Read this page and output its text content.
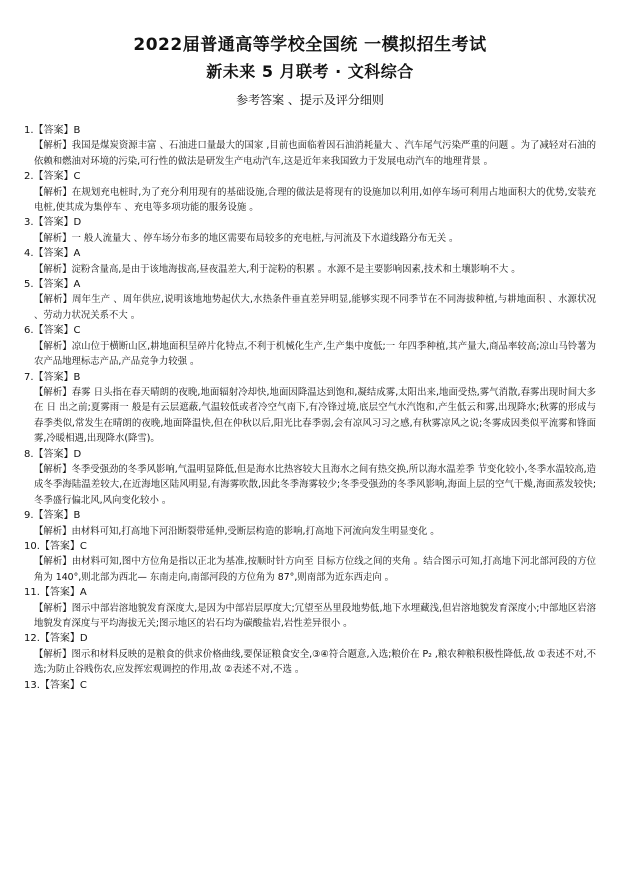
2022届普通高等学校全国统 一模拟招生考试
新未来 5 月联考 · 文科综合
参考答案 、提示及评分细则

1.【答案】B

【解析】我国是煤炭资源丰富 、石油进口量最大的国家 ,目前也面临着因石油消耗量大 、汽车尾气污染严重的问题 。为了减轻对石油的依赖和燃油对环境的污染,可行性的做法是研发生产电动汽车,这是近年来我国致力于发展电动汽车的地理背景 。

2.【答案】C

【解析】在规划充电桩时,为了充分利用现有的基础设施,合理的做法是将现有的设施加以利用,如停车场可利用占地面积大的优势,安装充电桩,使其成为集停车 、充电等多项功能的服务设施 。

3.【答案】D

【解析】一 般人流量大 、停车场分布多的地区需要布局较多的充电桩,与河流及下水道线路分布无关 。

4.【答案】A

【解析】淀粉含量高,是由于该地海拔高,昼夜温差大,利于淀粉的积累 。水源不是主要影响因素,技术和土壤影响不大 。

5.【答案】A

【解析】周年生产 、周年供应,说明该地地势起伏大,水热条件垂直差异明显,能够实现不同季节在不同海拔种植,与耕地面积 、水源状况 、劳动力状况关系不大 。

6.【答案】C

【解析】凉山位于横断山区,耕地面积呈碎片化特点,不利于机械化生产,生产集中度低;一 年四季种植,其产量大,商品率较高;凉山马铃薯为农产品地理标志产品,产品竞争力较强 。

7.【答案】B

【解析】春雾 日头指在春天晴朗的夜晚,地面辐射冷却快,地面因降温达到饱和,凝结成雾,太阳出来,地面受热,雾气消散,春雾出现时间大多在 日 出之前;夏雾雨一 般是有云层遮蔽,气温较低或者冷空气南下,有冷锋过境,底层空气水汽饱和,产生低云和雾,出现降水;秋雾的形成与春季类似,常发生在晴朗的夜晚,地面降温快,但在仲秋以后,阳光比春季弱,会有凉风习习之感,有秋雾凉风之说;冬雾成因类似平流雾和锋面雾,冷暖相遇,出现降水(降雪)。

8.【答案】D

【解析】冬季受强劲的冬季风影响,气温明显降低,但是海水比热容较大且海水之间有热交换,所以海水温差季 节变化较小,冬季水温较高,造成冬季海陆温差较大,在近海地区陆风明显,有海雾吹散,因此冬季海雾较少;冬季受强劲的冬季风影响,海面上层的空气干燥,海面蒸发较快;冬季盛行偏北风,风向变化较小 。

9.【答案】B

【解析】由材料可知,打高地下河沿断裂带延伸,受断层构造的影响,打高地下河流向发生明显变化 。

10.【答案】C

【解析】由材料可知,图中方位角是指以正北为基准,按顺时针方向至 目标方位线之间的夹角 。结合图示可知,打高地下河北部河段的方位角为 140°,则北部为西北— 东南走向,南部河段的方位角为 87°,则南部为近东西走向 。

11.【答案】A

【解析】图示中部岩溶地貌发育深度大,是因为中部岩层厚度大;冗望至丛里段地势低,地下水埋藏浅,但岩溶地貌发育深度小;中部地区岩溶地貌发育深度与平均海拔无关;图示地区的岩石均为碳酸盐岩,岩性差异很小 。

12.【答案】D

【解析】图示和材料反映的是粮食的供求价格曲线,要保证粮食安全,③④符合题意,入选;粮价在 P₂ ,粮农种粮积极性降低,故 ①表述不对,不选;为防止谷贱伤农,应发挥宏观调控的作用,故 ②表述不对,不选 。

13.【答案】C
